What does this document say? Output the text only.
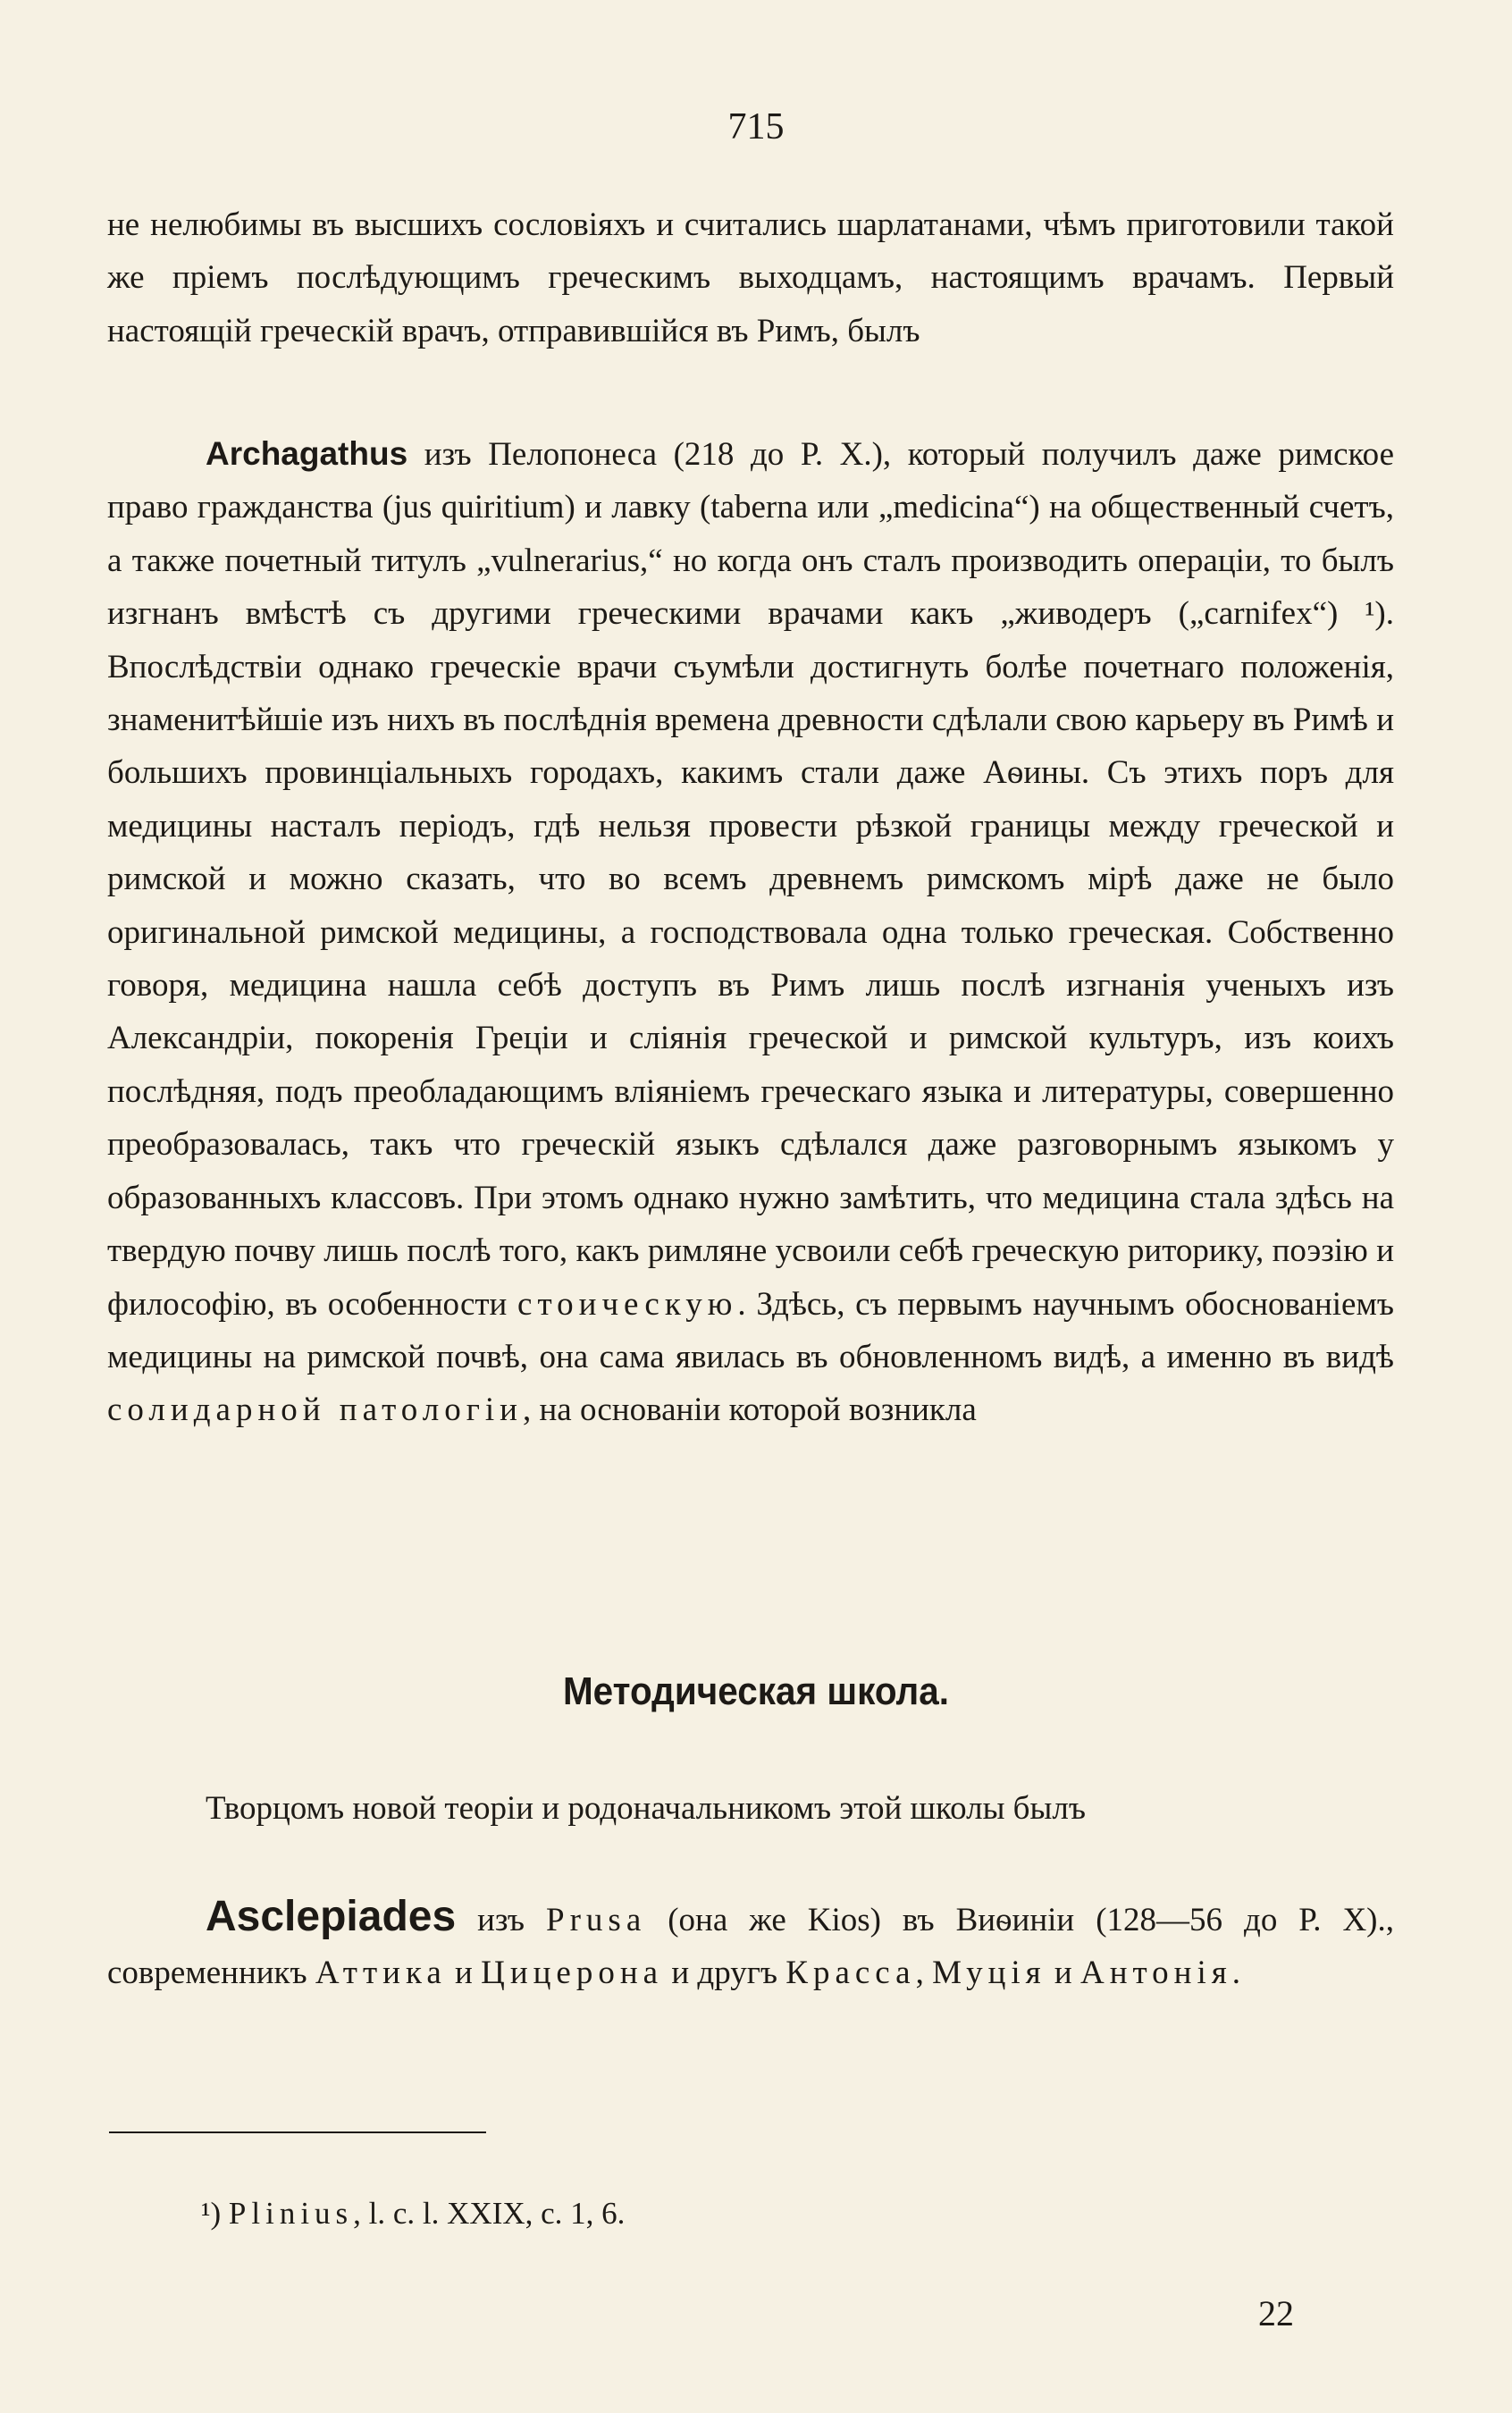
715

не нелюбимы въ высшихъ сословіяхъ и считались шарлатанами, чѣмъ приготовили такой же пріемъ послѣдующимъ греческимъ выходцамъ, настоящимъ врачамъ. Первый настоящій греческій врачъ, отправившійся въ Римъ, былъ

Archagathus изъ Пелопонеса (218 до Р. Х.), который получилъ даже римское право гражданства (jus quiritium) и лавку (taberna или „medicina“) на общественный счетъ, а также почетный титулъ „vulnerarius,“ но когда онъ сталъ производить операціи, то былъ изгнанъ вмѣстѣ съ другими греческими врачами какъ „живодеръ („carnifex“) ¹). Впослѣдствіи однако греческіе врачи съумѣли достигнуть болѣе почетнаго положенія, знаменитѣйшіе изъ нихъ въ послѣднія времена древности сдѣлали свою карьеру въ Римѣ и большихъ провинціальныхъ городахъ, какимъ стали даже Аѳины. Съ этихъ поръ для медицины насталъ періодъ, гдѣ нельзя провести рѣзкой границы между греческой и римской и можно сказать, что во всемъ древнемъ римскомъ мірѣ даже не было оригинальной римской медицины, а господствовала одна только греческая. Собственно говоря, медицина нашла себѣ доступъ въ Римъ лишь послѣ изгнанія ученыхъ изъ Александріи, покоренія Греціи и сліянія греческой и римской культуръ, изъ коихъ послѣдняя, подъ преобладающимъ вліяніемъ греческаго языка и литературы, совершенно преобразовалась, такъ что греческій языкъ сдѣлался даже разговорнымъ языкомъ у образованныхъ классовъ. При этомъ однако нужно замѣтить, что медицина стала здѣсь на твердую почву лишь послѣ того, какъ римляне усвоили себѣ греческую риторику, поэзію и философію, въ особенности стоическую. Здѣсь, съ первымъ научнымъ обоснованіемъ медицины на римской почвѣ, она сама явилась въ обновленномъ видѣ, а именно въ видѣ солидарной патологіи, на основаніи которой возникла

Методическая школа.

Творцомъ новой теоріи и родоначальникомъ этой школы былъ

Asclepiades изъ Prusa (она же Kios) въ Виѳиніи (128—56 до Р. Х)., современникъ Аттика и Цицерона и другъ Красса, Муція и Антонія.

¹) Plinius, l. c. l. XXIX, c. 1, 6.

22
